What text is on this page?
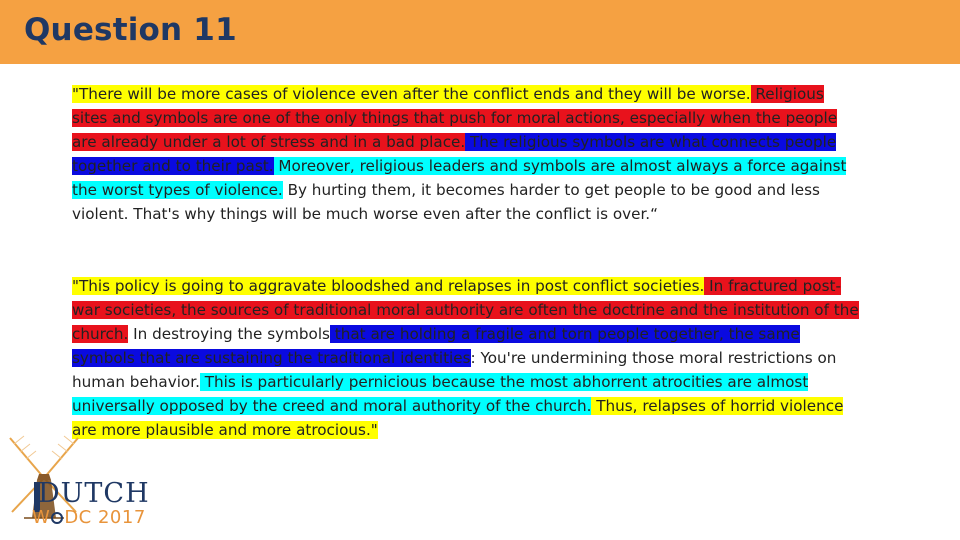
Question 11

"There will be more cases of violence even after the conflict ends and they will be worse. Religious sites and symbols are one of the only things that push for moral actions, especially when the people are already under a lot of stress and in a bad place. The religious symbols are what connects people together and to their past. Moreover, religious leaders and symbols are almost always a force against the worst types of violence. By hurting them, it becomes harder to get people to be good and less violent. That's why things will be much worse even after the conflict is over.“

"This policy is going to aggravate bloodshed and relapses in post conflict societies. In fractured post-war societies, the sources of traditional moral authority are often the doctrine and the institution of the church. In destroying the symbols that are holding a fragile and torn people together, the same symbols that are sustaining the traditional identities: You're undermining those moral restrictions on human behavior. This is particularly pernicious because the most abhorrent atrocities are almost universally opposed by the creed and moral authority of the church. Thus, relapses of horrid violence are more plausible and more atrocious."

DUTCH
W DC 2017
